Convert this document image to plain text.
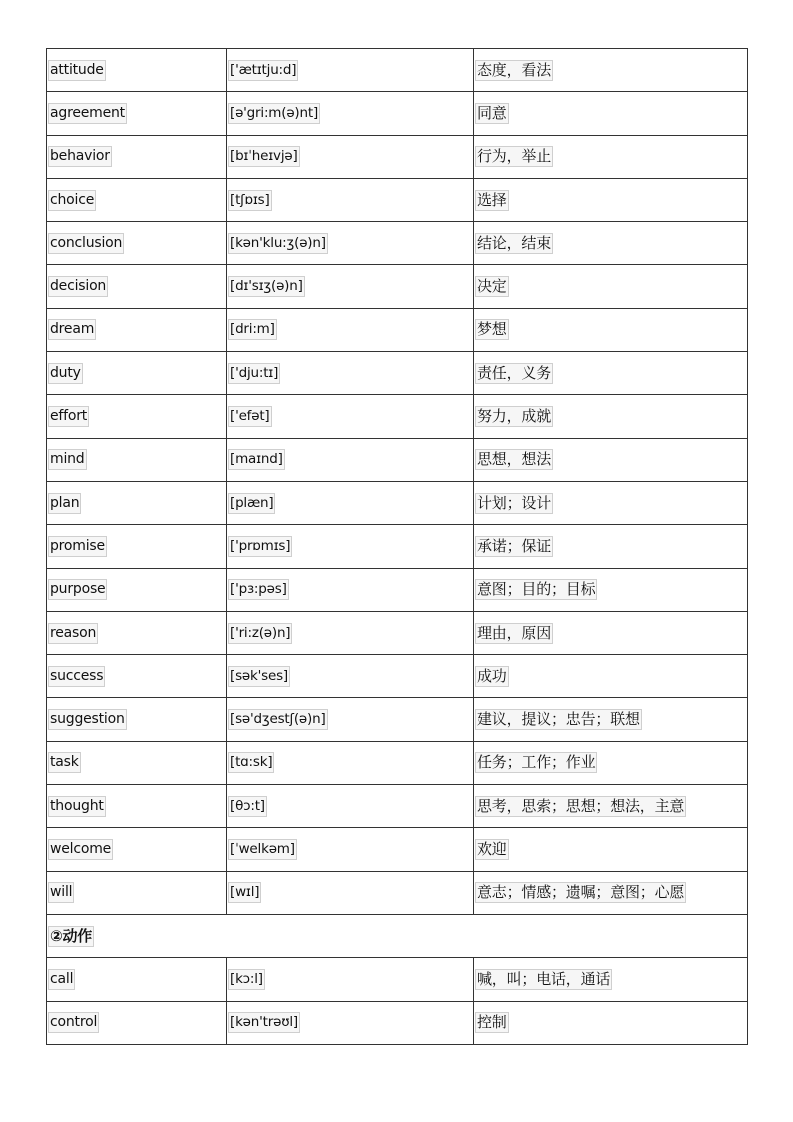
attitude	['ætɪtju:d]	态度，看法
agreement	[ə'gri:m(ə)nt]	同意
behavior	[bɪˈheɪvjə]	行为，举止
choice	[tʃɒɪs]	选择
conclusion	[kən'klu:ʒ(ə)n]	结论，结束
decision	[dɪ'sɪʒ(ə)n]	决定
dream	[dri:m]	梦想
duty	['dju:tɪ]	责任，义务
effort	['efət]	努力，成就
mind	[maɪnd]	思想，想法
plan	[plæn]	计划；设计
promise	['prɒmɪs]	承诺；保证
purpose	['pɜ:pəs]	意图；目的；目标
reason	['ri:z(ə)n]	理由，原因
success	[sək'ses]	成功
suggestion	[sə'dʒestʃ(ə)n]	建议，提议；忠告；联想
task	[tɑ:sk]	任务；工作；作业
thought	[θɔ:t]	思考，思索；思想；想法，主意
welcome	[ˈwelkəm]	欢迎
will	[wɪl]	意志；情感；遗嘱；意图；心愿
②动作		
call	[kɔ:l]	喊，叫；电话，通话
control	[kən'trəʊl]	控制
